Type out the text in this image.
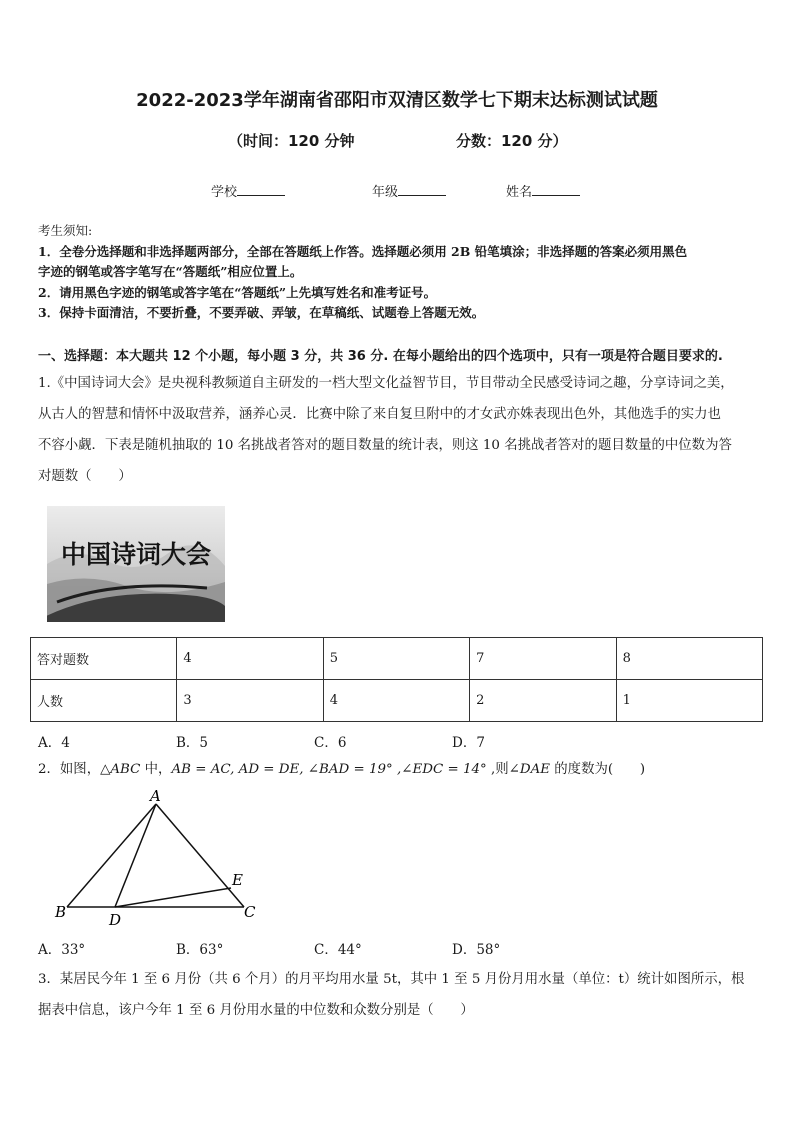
2022-2023学年湖南省邵阳市双清区数学七下期末达标测试试题
（时间：120 分钟	分数：120 分）
学校	年级	姓名
考生须知:
1．全卷分选择题和非选择题两部分，全部在答题纸上作答。选择题必须用 2B 铅笔填涂；非选择题的答案必须用黑色
字迹的钢笔或答字笔写在“答题纸”相应位置上。
2．请用黑色字迹的钢笔或答字笔在“答题纸”上先填写姓名和准考证号。
3．保持卡面清洁，不要折叠，不要弄破、弄皱，在草稿纸、试题卷上答题无效。
一、选择题：本大题共 12 个小题，每小题 3 分，共 36 分. 在每小题给出的四个选项中，只有一项是符合题目要求的.
1.《中国诗词大会》是央视科教频道自主研发的一档大型文化益智节目，节目带动全民感受诗词之趣，分享诗词之美，
从古人的智慧和情怀中汲取营养，涵养心灵．比赛中除了来自复旦附中的才女武亦姝表现出色外，其他选手的实力也
不容小觑．下表是随机抽取的 10 名挑战者答对的题目数量的统计表，则这 10 名挑战者答对的题目数量的中位数为答
对题数（　　）
中国诗词大会
答对题数	4	5	7	8
人数	3	4	2	1
A．4	B．5	C．6	D．7
2．如图，△ABC 中，AB = AC, AD = DE, ∠BAD = 19° ,∠EDC = 14° ,则∠DAE 的度数为(　　)
A
B	C
D
E
A．33°	B．63°	C．44°	D．58°
3．某居民今年 1 至 6 月份（共 6 个月）的月平均用水量 5t，其中 1 至 5 月份月用水量（单位：t）统计如图所示，根
据表中信息，该户今年 1 至 6 月份用水量的中位数和众数分别是（　　）
